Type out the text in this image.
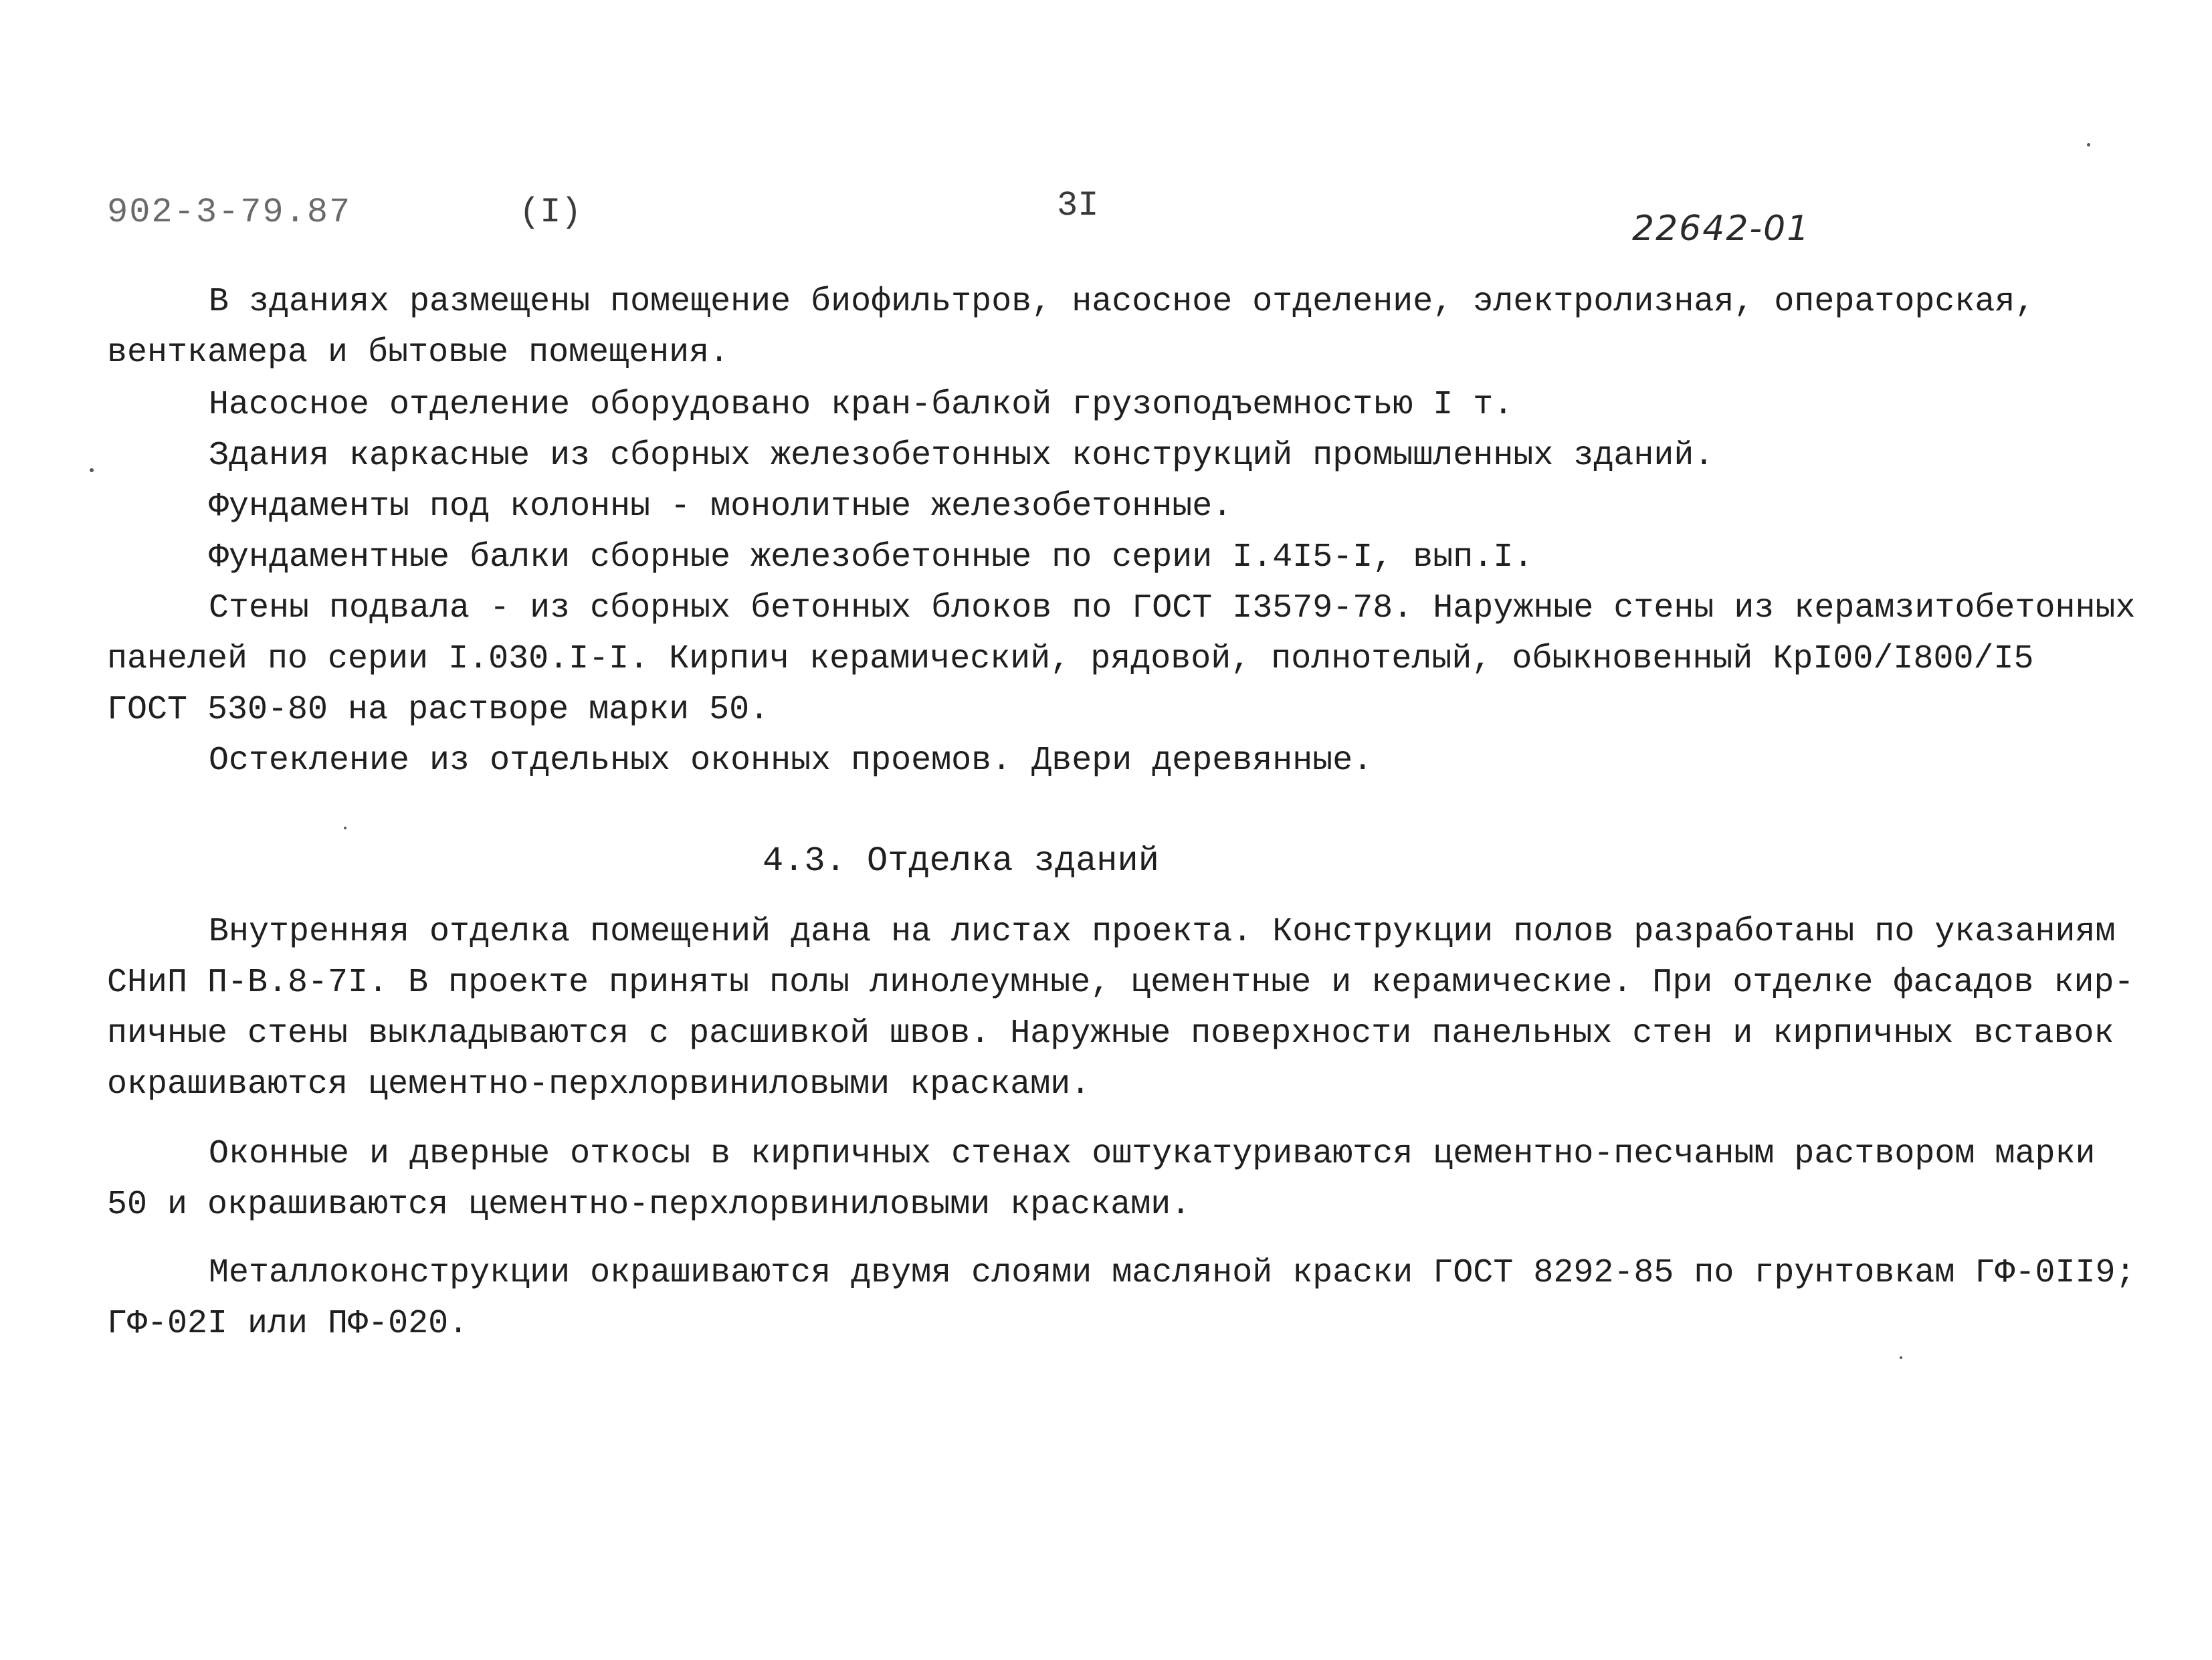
902-3-79.87	(I)	3I
22642-01
В зданиях размещены помещение биофильтров, насосное отделение, электролизная, операторская,
венткамера и бытовые помещения.
Насосное отделение оборудовано кран-балкой грузоподъемностью I т.
Здания каркасные из сборных железобетонных конструкций промышленных зданий.
Фундаменты под колонны - монолитные железобетонные.
Фундаментные балки сборные железобетонные по серии I.4I5-I, вып.I.
Стены подвала - из сборных бетонных блоков по ГОСТ I3579-78. Наружные стены из керамзитобетонных
панелей по серии I.030.I-I. Кирпич керамический, рядовой, полнотелый, обыкновенный КрI00/I800/I5
ГОСТ 530-80 на растворе марки 50.
Остекление из отдельных оконных проемов. Двери деревянные.
4.3. Отделка зданий
Внутренняя отделка помещений дана на листах проекта. Конструкции полов разработаны по указаниям
СНиП П-В.8-7I. В проекте приняты полы линолеумные, цементные и керамические. При отделке фасадов кир-
пичные стены выкладываются с расшивкой швов. Наружные поверхности панельных стен и кирпичных вставок
окрашиваются цементно-перхлорвиниловыми красками.
Оконные и дверные откосы в кирпичных стенах оштукатуриваются цементно-песчаным раствором марки
50 и окрашиваются цементно-перхлорвиниловыми красками.
Металлоконструкции окрашиваются двумя слоями масляной краски ГОСТ 8292-85 по грунтовкам ГФ-0II9;
ГФ-02I или ПФ-020.
